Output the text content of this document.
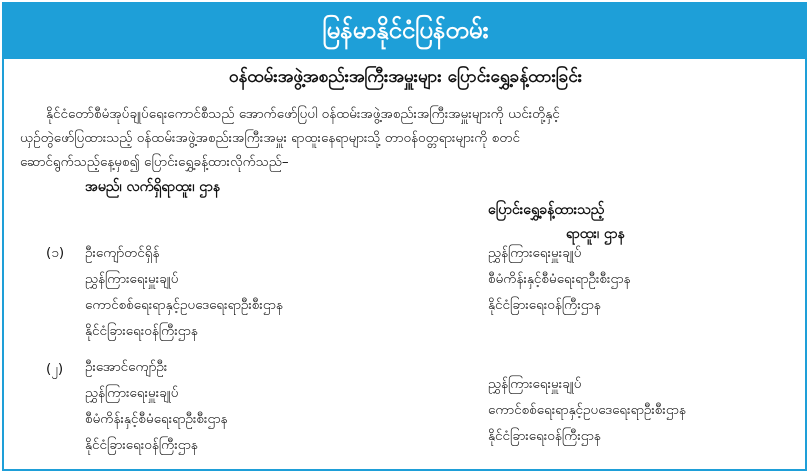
မြန်မာနိုင်ငံပြန်တမ်း
ဝန်ထမ်းအဖွဲ့အစည်းအကြီးအမှူးများ ပြောင်းရွှေ့ခန့်ထားခြင်း
နိုင်ငံတော်စီမံအုပ်ချုပ်ရေးကောင်စီသည် အောက်ဖော်ပြပါ ဝန်ထမ်းအဖွဲ့အစည်းအကြီးအမှူးများကို ယင်းတို့နှင့်
ယှဉ်တွဲဖော်ပြထားသည့် ဝန်ထမ်းအဖွဲ့အစည်းအကြီးအမှူး ရာထူးနေရာများသို့ တာဝန်ဝတ္တရားများကို စတင်
ဆောင်ရွက်သည့်နေ့မှစ၍ ပြောင်းရွှေ့ခန့်ထားလိုက်သည်–
အမည်၊ လက်ရှိရာထူး၊ ဌာန
ပြောင်းရွှေ့ခန့်ထားသည့်
ရာထူး၊ ဌာန
(၁) ဦးကျော်တင်ရှိန်
ညွှန်ကြားရေးမှူးချုပ်
ကောင်စစ်ရေးရာနှင့်ဥပဒေရေးရာဦးစီးဌာန
နိုင်ငံခြားရေးဝန်ကြီးဌာန
ညွှန်ကြားရေးမှူးချုပ်
စီမံကိန်းနှင့်စီမံရေးရာဦးစီးဌာန
နိုင်ငံခြားရေးဝန်ကြီးဌာန
(၂) ဦးအောင်ကျော်ဦး
ညွှန်ကြားရေးမှူးချုပ်
စီမံကိန်းနှင့်စီမံရေးရာဦးစီးဌာန
နိုင်ငံခြားရေးဝန်ကြီးဌာန
ညွှန်ကြားရေးမှူးချုပ်
ကောင်စစ်ရေးရာနှင့်ဥပဒေရေးရာဦးစီးဌာန
နိုင်ငံခြားရေးဝန်ကြီးဌာန
